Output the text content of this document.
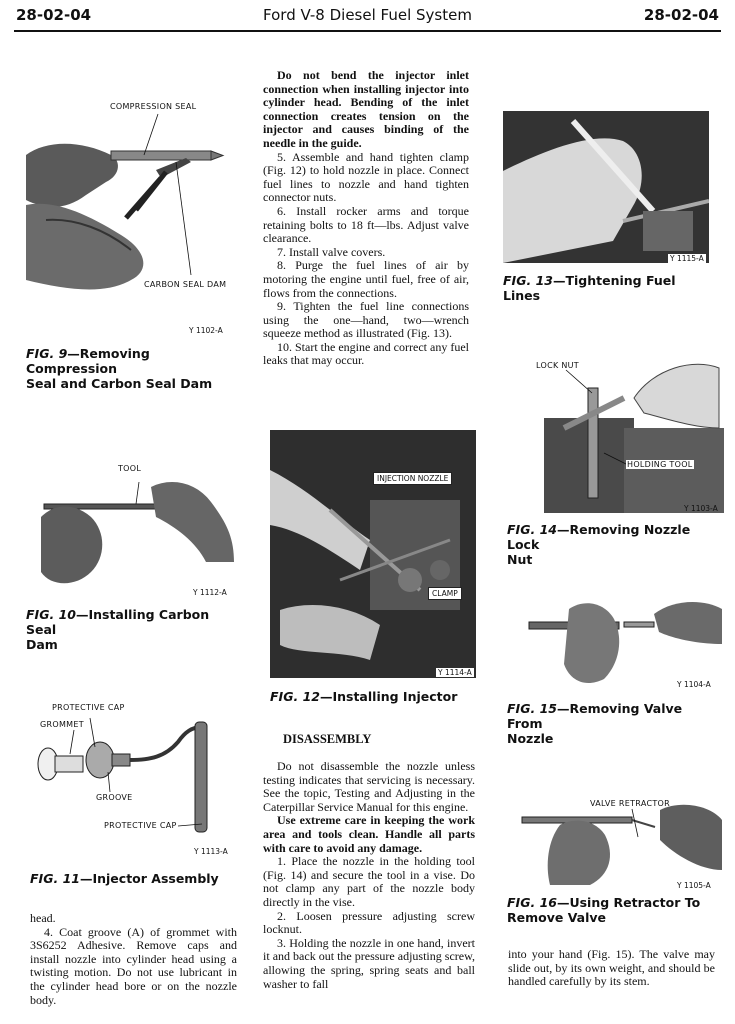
28-02-04	Ford V-8 Diesel Fuel System	28-02-04
COMPRESSION SEAL
CARBON SEAL DAM
Y 1102-A
FIG. 9—Removing Compression
Seal and Carbon Seal Dam
TOOL
Y 1112-A
FIG. 10—Installing Carbon Seal
Dam
PROTECTIVE CAP
GROMMET
GROOVE
PROTECTIVE CAP
Y 1113-A
FIG. 11—Injector Assembly

head.

4. Coat groove (A) of grommet with 3S6252 Adhesive. Remove caps and install nozzle into cylinder head using a twisting motion. Do not use lubricant in the cylinder head bore or on the nozzle body.

Do not bend the injector inlet connection when installing injector into cylinder head. Bending of the inlet connection creates tension on the injector and causes binding of the needle in the guide.

5. Assemble and hand tighten clamp (Fig. 12) to hold nozzle in place. Connect fuel lines to nozzle and hand tighten connector nuts.

6. Install rocker arms and torque retaining bolts to 18 ft—lbs. Adjust valve clearance.

7. Install valve covers.

8. Purge the fuel lines of air by motoring the engine until fuel, free of air, flows from the connections.

9. Tighten the fuel line connections using the one—hand, two—wrench squeeze method as illustrated (Fig. 13).

10. Start the engine and correct any fuel leaks that may occur.

INJECTION NOZZLE
CLAMP
Y 1114-A
FIG. 12—Installing Injector
DISASSEMBLY

Do not disassemble the nozzle unless testing indicates that servicing is necessary. See the topic, Testing and Adjusting in the Caterpillar Service Manual for this engine.

Use extreme care in keeping the work area and tools clean. Handle all parts with care to avoid any damage.

1. Place the nozzle in the holding tool (Fig. 14) and secure the tool in a vise. Do not clamp any part of the nozzle body directly in the vise.

2. Loosen pressure adjusting screw locknut.

3. Holding the nozzle in one hand, invert it and back out the pressure adjusting screw, allowing the spring, spring seats and ball washer to fall

Y 1115-A
FIG. 13—Tightening Fuel Lines
LOCK NUT
HOLDING TOOL
Y 1103-A
FIG. 14—Removing Nozzle Lock
Nut
Y 1104-A
FIG. 15—Removing Valve From
Nozzle
VALVE RETRACTOR
Y 1105-A
FIG. 16—Using Retractor To
Remove Valve

into your hand (Fig. 15). The valve may slide out, by its own weight, and should be handled carefully by its stem.
